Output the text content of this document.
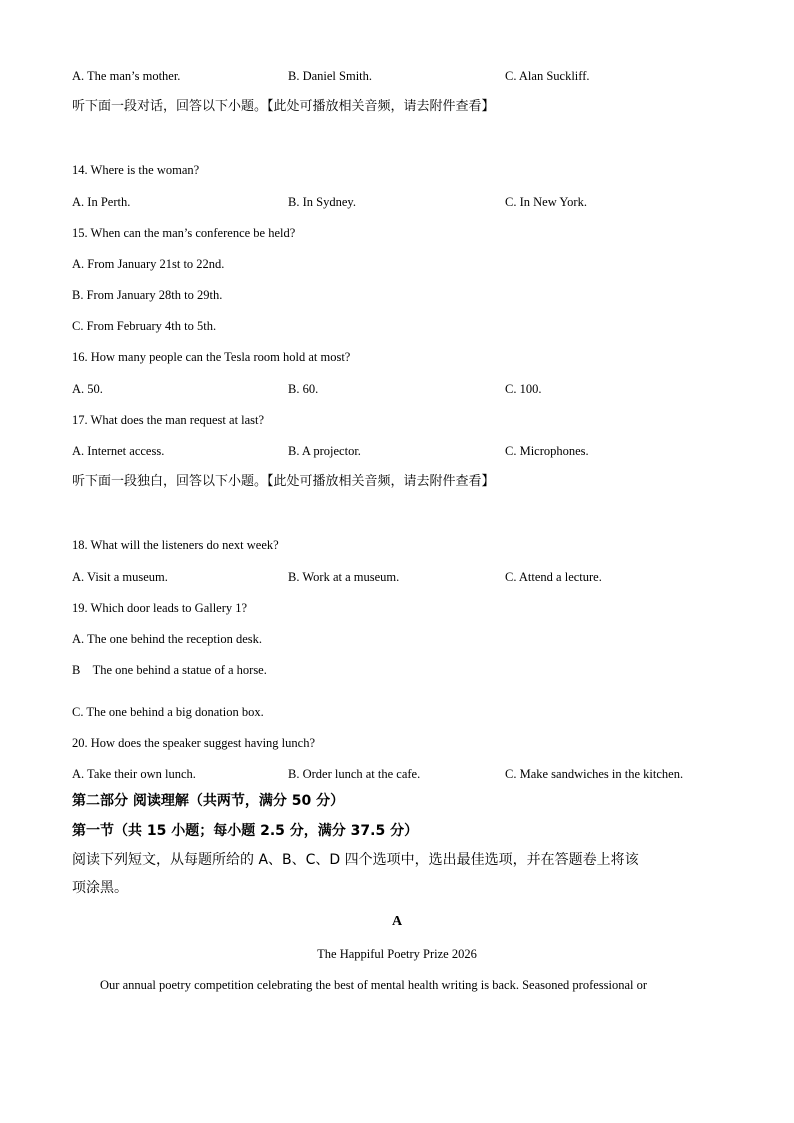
A. The man’s mother.	B. Daniel Smith.	C. Alan Suckliff.
听下面一段对话，回答以下小题。【此处可播放相关音频，请去附件查看】
14. Where is the woman?
A. In Perth.	B. In Sydney.	C. In New York.
15. When can the man’s conference be held?
A. From January 21st to 22nd.
B. From January 28th to 29th.
C. From February 4th to 5th.
16. How many people can the Tesla room hold at most?
A. 50.	B. 60.	C. 100.
17. What does the man request at last?
A. Internet access.	B. A projector.	C. Microphones.
听下面一段独白，回答以下小题。【此处可播放相关音频，请去附件查看】
18. What will the listeners do next week?
A. Visit a museum.	B. Work at a museum.	C. Attend a lecture.
19. Which door leads to Gallery 1?
A. The one behind the reception desk.
B    The one behind a statue of a horse.
C. The one behind a big donation box.
20. How does the speaker suggest having lunch?
A. Take their own lunch.	B. Order lunch at the cafe.	C. Make sandwiches in the kitchen.
第二部分 阅读理解（共两节，满分 50 分）
第一节（共 15 小题；每小题 2.5 分，满分 37.5 分）
阅读下列短文，从每题所给的 A、B、C、D 四个选项中，选出最佳选项，并在答题卷上将该
项涂黑。
A
The Happiful Poetry Prize 2026
Our annual poetry competition celebrating the best of mental health writing is back. Seasoned professional or
